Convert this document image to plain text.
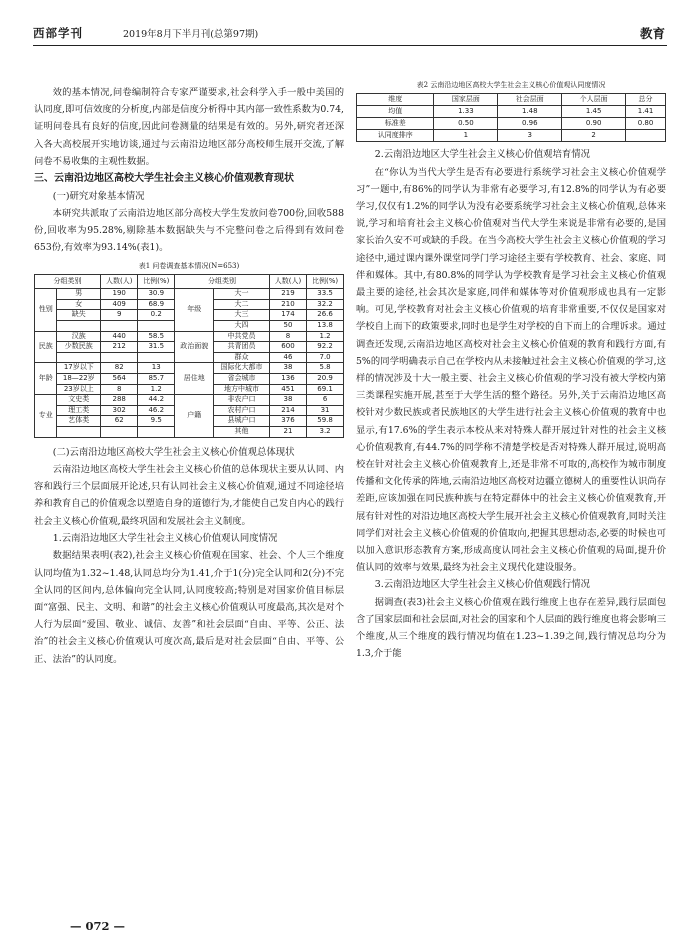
西部学刊	2019年8月下半月刊(总第97期)	教育

效的基本情况,问卷编制符合专家严谨要求,社会科学入手一般中美国的认同度,即可信效度的分析度,内部是信度分析得中其内部一致性系数为0.74,证明问卷具有良好的信度,因此问卷测量的结果是有效的。另外,研究者还深入各大高校展开实地访谈,通过与云南沿边地区部分高校师生展开交流,了解问卷不易收集的主观性数据。

三、云南沿边地区高校大学生社会主义核心价值观教育现状

(一)研究对象基本情况

本研究共派取了云南沿边地区部分高校大学生发放问卷700份,回收588份,回收率为95.28%,剔除基本数据缺失与不完整问卷之后得到有效问卷653份,有效率为93.14%(表1)。

表1 问卷调查基本情况(N=653)
分组类别		人数(人)	比例(%)	分组类别		人数(人)	比例(%)
性别	男	190	30.9	年级	大一	219	33.5
	女	409	68.9		大二	210	32.2
	缺失	9	0.2		大三	174	26.6
					大四	50	13.8
民族	汉族	440	58.5	政治面貌	中共党员	8	1.2
	少数民族	212	31.5		共青团员	600	92.2
					群众	46	7.0
年龄	17岁以下	82	13	居住地	国际化大都市	38	5.8
	18—22岁	564	85.7		省会城市	136	20.9
	23岁以上	8	1.2		地方中城市	451	69.1
专业	文史类	288	44.2	户籍	非农户口	38	6
	理工类	302	46.2		农村户口	214	31
	艺体类	62	9.5		县城户口	376	59.8
					其他	21	3.2

(二)云南沿边地区高校大学生社会主义核心价值观总体现状

云南沿边地区高校大学生社会主义核心价值的总体现状主要从认同、内容和践行三个层面展开论述,只有认同社会主义核心价值观,通过不同途径培养和教育自己的价值观念以塑造自身的道德行为,才能使自己发自内心的践行社会主义核心价值观,最终巩固和发展社会主义制度。

1.云南沿边地区大学生社会主义核心价值观认同度情况

数据结果表明(表2),社会主义核心价值观在国家、社会、个人三个维度认同均值为1.32~1.48,认同总均分为1.41,介于1(分)完全认同和2(分)不完全认同的区间内,总体偏向完全认同,认同度较高;特别是对国家价值目标层面“富强、民主、文明、和谐”的社会主义核心价值观认可度最高,其次是对个人行为层面“爱国、敬业、诚信、友善”和社会层面“自由、平等、公正、法治”的社会主义核心价值观认可度次高,最后是对社会层面“自由、平等、公正、法治”的认同度。

表2 云南沿边地区高校大学生社会主义核心价值观认同度情况
维度	国家层面	社会层面	个人层面	总分
均值	1.33	1.48	1.45	1.41
标准差	0.50	0.96	0.90	0.80
认同度排序	1	3	2	

2.云南沿边地区大学生社会主义核心价值观培育情况

在“你认为当代大学生是否有必要进行系统学习社会主义核心价值观学习”一题中,有86%的同学认为非常有必要学习,有12.8%的同学认为有必要学习,仅仅有1.2%的同学认为没有必要系统学习社会主义核心价值观,总体来说,学习和培育社会主义核心价值观对当代大学生来说是非常有必要的,是国家长治久安不可或缺的手段。在当今高校大学生社会主义核心价值观的学习途径中,通过课内课外课堂同学门学习途径主要有学校教育、社会、家庭、同伴和媒体。其中,有80.8%的同学认为学校教育是学习社会主义核心价值观最主要的途径,社会其次是家庭,同伴和媒体等对价值观形成也具有一定影响。可见,学校教育对社会主义核心价值观的培育非常重要,不仅仅是国家对学校自上而下的政策要求,同时也是学生对学校的自下而上的合理诉求。通过调查还发现,云南沿边地区高校对社会主义核心价值观的教育和践行方面,有5%的同学明确表示自己在学校内从未接触过社会主义核心价值观的学习,这样的情况涉及十大一般主要、社会主义核心价值观的学习没有被大学校内第三类课程实施开展,甚至于大学生活的整个路径。另外,关于云南沿边地区高校针对少数民族或者民族地区的大学生进行社会主义核心价值观的教育中也显示,有17.6%的学生表示本校从来对特殊人群开展过针对性的社会主义核心价值观教育,有44.7%的同学称不清楚学校是否对特殊人群开展过,说明高校在针对社会主义核心价值观教育上,还是非常不可取的,高校作为城市制度传播和文化传承的阵地,云南沿边地区高校对边疆立德树人的重要性认识尚存差距,应该加强在同民族种族与在特定群体中的社会主义核心价值观教育,开展有针对性的对沿边地区高校大学生展开社会主义核心价值观教育,同时关注同学们对社会主义核心价值观的价值取向,把握其思想动态,必要的时候也可以加入意识形态教育方案,形成高度认同社会主义核心价值观的局面,提升价值认同的效率与效果,最终为社会主义现代化建设服务。

3.云南沿边地区大学生社会主义核心价值观践行情况

据调查(表3)社会主义核心价值观在践行维度上也存在差异,践行层面包含了国家层面和社会层面,对社会的国家和个人层面的践行维度也将会影响三个维度,从三个维度的践行情况均值在1.23~1.39之间,践行情况总均分为1.3,介于能

— 072 —
